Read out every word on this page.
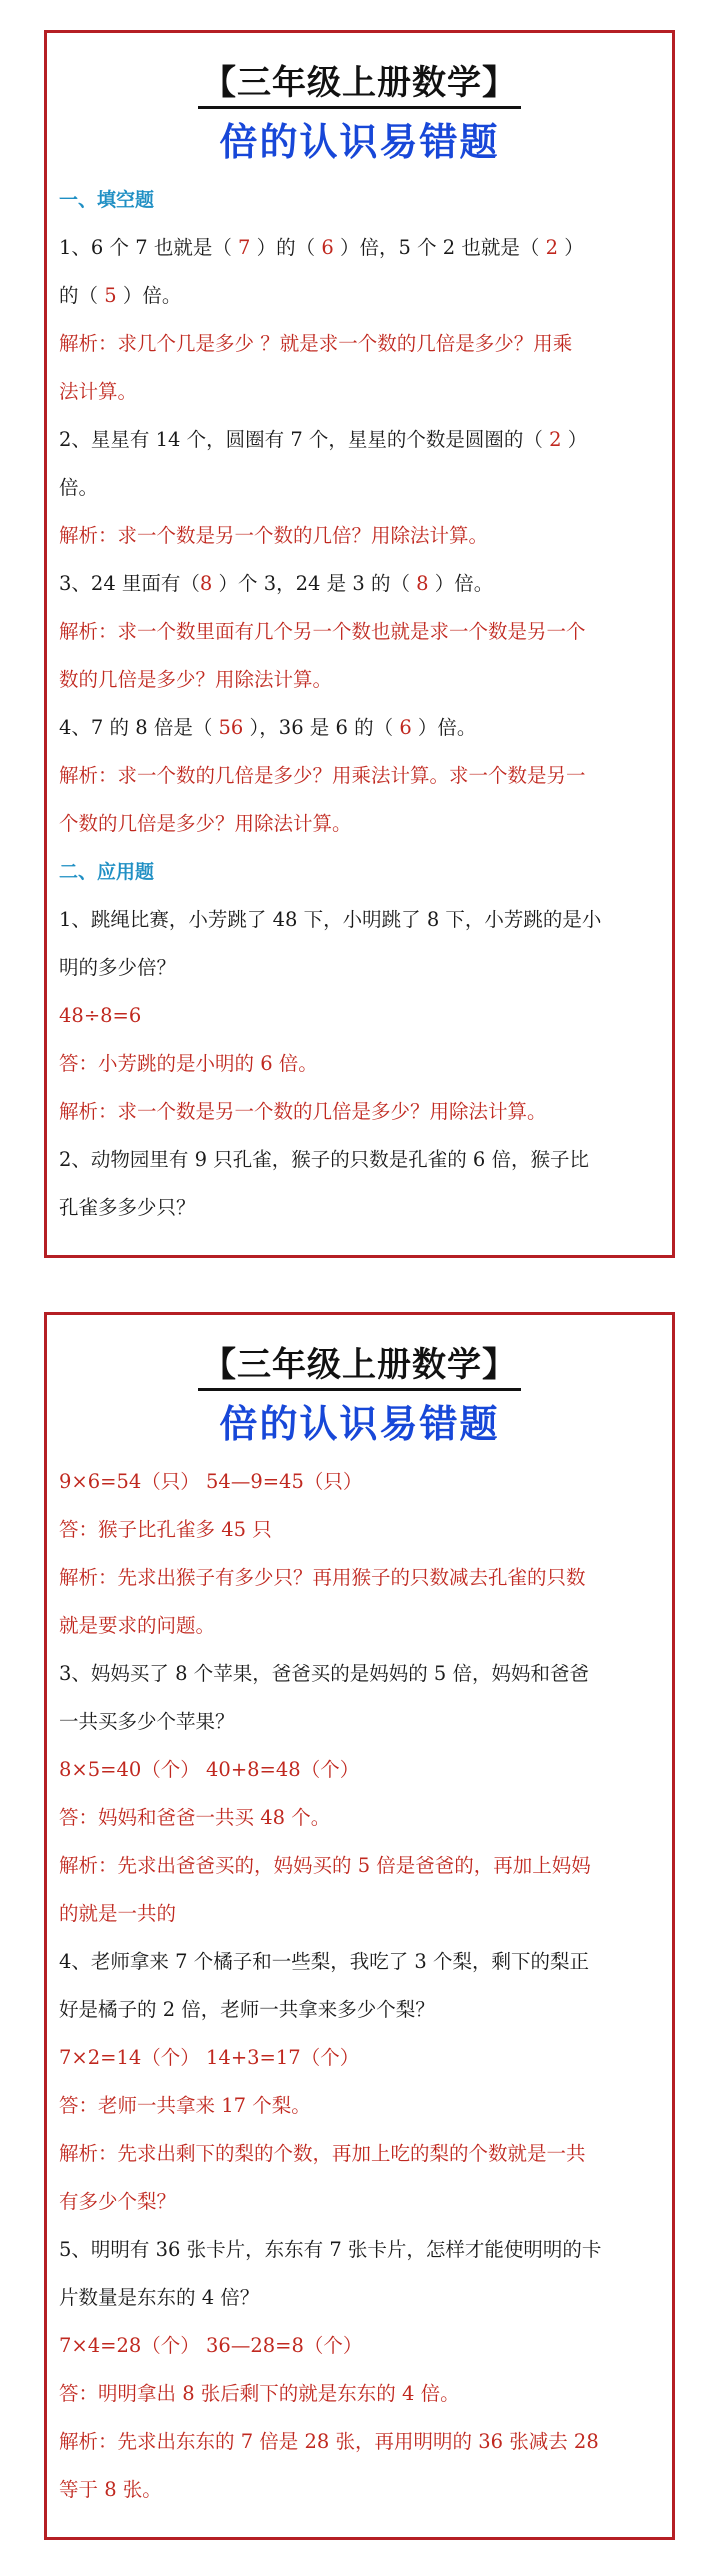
【三年级上册数学】
倍的认识易错题
一、填空题
1、6 个 7 也就是（ 7 ）的（ 6 ）倍，5 个 2 也就是（ 2 ）
的（ 5 ）倍。
解析：求几个几是多少 ？就是求一个数的几倍是多少？用乘
法计算。
2、星星有 14 个，圆圈有 7 个，星星的个数是圆圈的（ 2 ）
倍。
解析：求一个数是另一个数的几倍？用除法计算。
3、24 里面有（8 ）个 3，24 是 3 的（ 8 ）倍。
解析：求一个数里面有几个另一个数也就是求一个数是另一个
数的几倍是多少？用除法计算。
4、7 的 8 倍是（ 56 ），36 是 6 的（ 6 ）倍。
解析：求一个数的几倍是多少？用乘法计算。求一个数是另一
个数的几倍是多少？用除法计算。
二、应用题
1、跳绳比赛，小芳跳了 48 下，小明跳了 8 下，小芳跳的是小
明的多少倍？
48÷8=6
答：小芳跳的是小明的 6 倍。
解析：求一个数是另一个数的几倍是多少？用除法计算。
2、动物园里有 9 只孔雀，猴子的只数是孔雀的 6 倍，猴子比
孔雀多多少只？
【三年级上册数学】
倍的认识易错题
9×6=54（只） 54—9=45（只）
答：猴子比孔雀多 45 只
解析：先求出猴子有多少只？再用猴子的只数减去孔雀的只数
就是要求的问题。
3、妈妈买了 8 个苹果，爸爸买的是妈妈的 5 倍，妈妈和爸爸
一共买多少个苹果？
8×5=40（个） 40+8=48（个）
答：妈妈和爸爸一共买 48 个。
解析：先求出爸爸买的，妈妈买的 5 倍是爸爸的，再加上妈妈
的就是一共的
4、老师拿来 7 个橘子和一些梨，我吃了 3 个梨，剩下的梨正
好是橘子的 2 倍，老师一共拿来多少个梨？
7×2=14（个） 14+3=17（个）
答：老师一共拿来 17 个梨。
解析：先求出剩下的梨的个数，再加上吃的梨的个数就是一共
有多少个梨？
5、明明有 36 张卡片，东东有 7 张卡片，怎样才能使明明的卡
片数量是东东的 4 倍？
7×4=28（个） 36—28=8（个）
答：明明拿出 8 张后剩下的就是东东的 4 倍。
解析：先求出东东的 7 倍是 28 张，再用明明的 36 张减去 28
等于 8 张。
